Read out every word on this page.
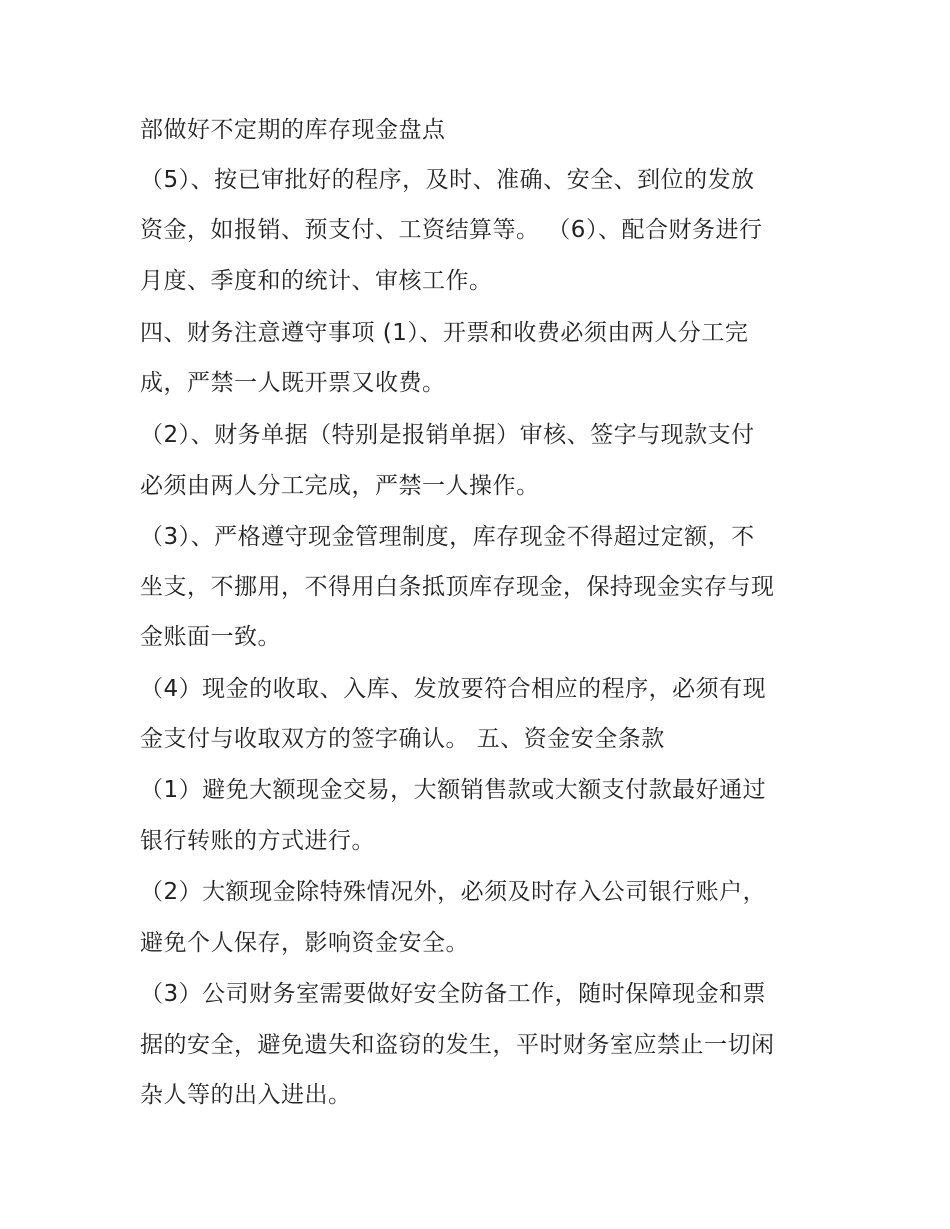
部做好不定期的库存现金盘点
（5）、按已审批好的程序，及时、准确、安全、到位的发放
资金，如报销、预支付、工资结算等。 （6）、配合财务进行
月度、季度和的统计、审核工作。
四、财务注意遵守事项 (1）、开票和收费必须由两人分工完
成，严禁一人既开票又收费。
（2）、财务单据（特别是报销单据）审核、签字与现款支付
必须由两人分工完成，严禁一人操作。
（3）、严格遵守现金管理制度，库存现金不得超过定额，不
坐支，不挪用，不得用白条抵顶库存现金，保持现金实存与现
金账面一致。
（4）现金的收取、入库、发放要符合相应的程序，必须有现
金支付与收取双方的签字确认。 五、资金安全条款
（1）避免大额现金交易，大额销售款或大额支付款最好通过
银行转账的方式进行。
（2）大额现金除特殊情况外，必须及时存入公司银行账户，
避免个人保存，影响资金安全。
（3）公司财务室需要做好安全防备工作，随时保障现金和票
据的安全，避免遗失和盗窃的发生，平时财务室应禁止一切闲
杂人等的出入进出。
